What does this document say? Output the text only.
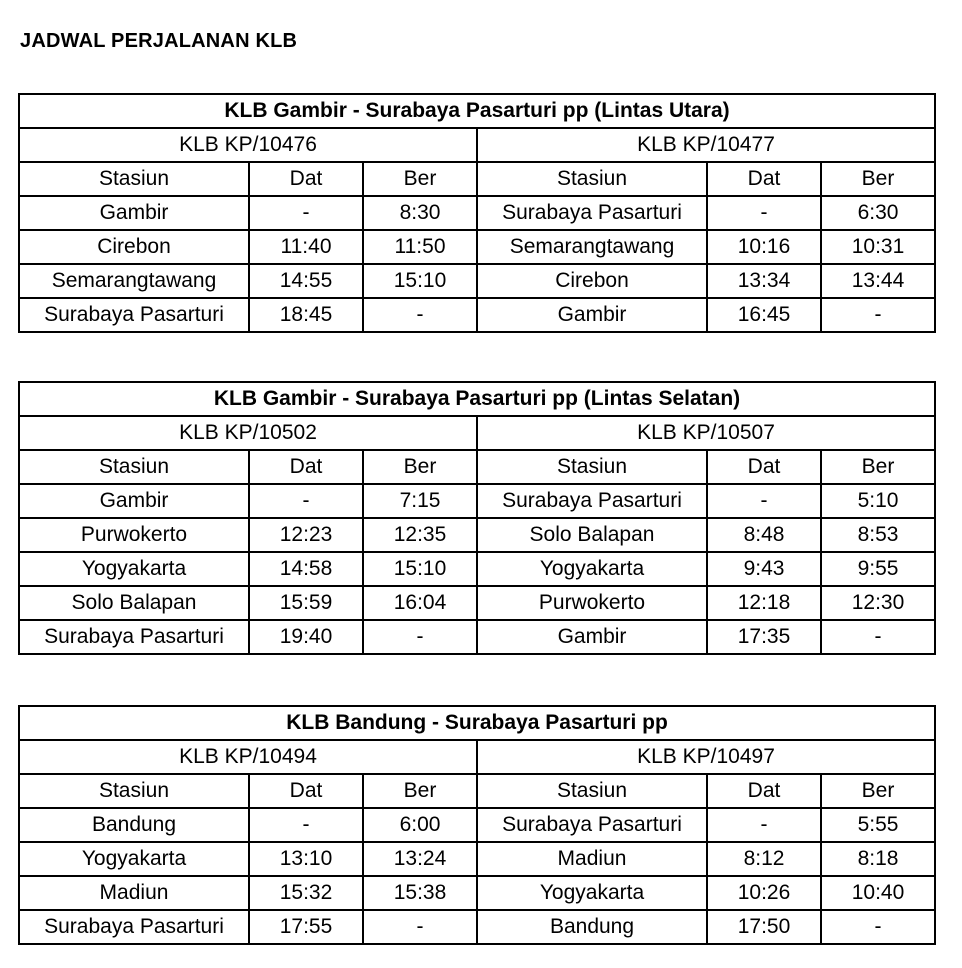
JADWAL PERJALANAN KLB
KLB Gambir - Surabaya Pasarturi pp (Lintas Utara)					
KLB KP/10476			KLB KP/10477		
Stasiun	Dat	Ber	Stasiun	Dat	Ber
Gambir	-	8:30	Surabaya Pasarturi	-	6:30
Cirebon	11:40	11:50	Semarangtawang	10:16	10:31
Semarangtawang	14:55	15:10	Cirebon	13:34	13:44
Surabaya Pasarturi	18:45	-	Gambir	16:45	-
KLB Gambir - Surabaya Pasarturi pp (Lintas Selatan)					
KLB KP/10502			KLB KP/10507		
Stasiun	Dat	Ber	Stasiun	Dat	Ber
Gambir	-	7:15	Surabaya Pasarturi	-	5:10
Purwokerto	12:23	12:35	Solo Balapan	8:48	8:53
Yogyakarta	14:58	15:10	Yogyakarta	9:43	9:55
Solo Balapan	15:59	16:04	Purwokerto	12:18	12:30
Surabaya Pasarturi	19:40	-	Gambir	17:35	-
KLB Bandung - Surabaya Pasarturi pp					
KLB KP/10494			KLB KP/10497		
Stasiun	Dat	Ber	Stasiun	Dat	Ber
Bandung	-	6:00	Surabaya Pasarturi	-	5:55
Yogyakarta	13:10	13:24	Madiun	8:12	8:18
Madiun	15:32	15:38	Yogyakarta	10:26	10:40
Surabaya Pasarturi	17:55	-	Bandung	17:50	-
